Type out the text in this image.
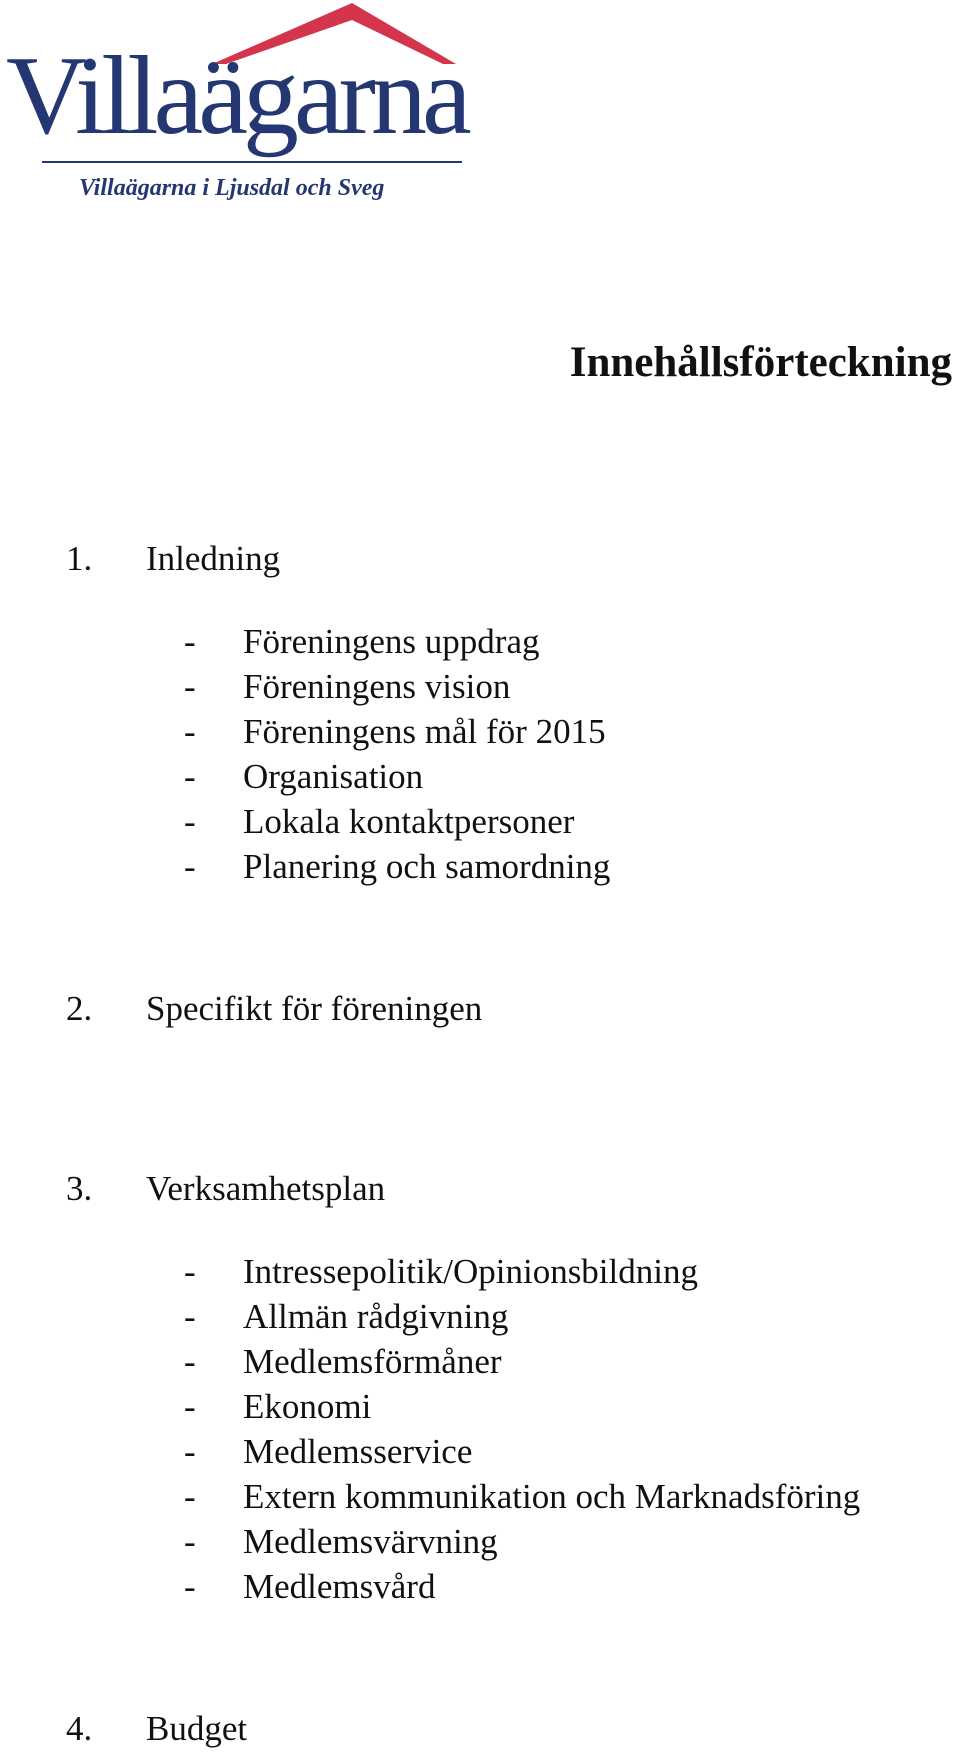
Villaägarna
Villaägarna i Ljusdal och Sveg
Innehållsförteckning
1. Inledning
- Föreningens uppdrag
- Föreningens vision
- Föreningens mål för 2015
- Organisation
- Lokala kontaktpersoner
- Planering och samordning
2. Specifikt för föreningen
3. Verksamhetsplan
- Intressepolitik/Opinionsbildning
- Allmän rådgivning
- Medlemsförmåner
- Ekonomi
- Medlemsservice
- Extern kommunikation och Marknadsföring
- Medlemsvärvning
- Medlemsvård
4. Budget
